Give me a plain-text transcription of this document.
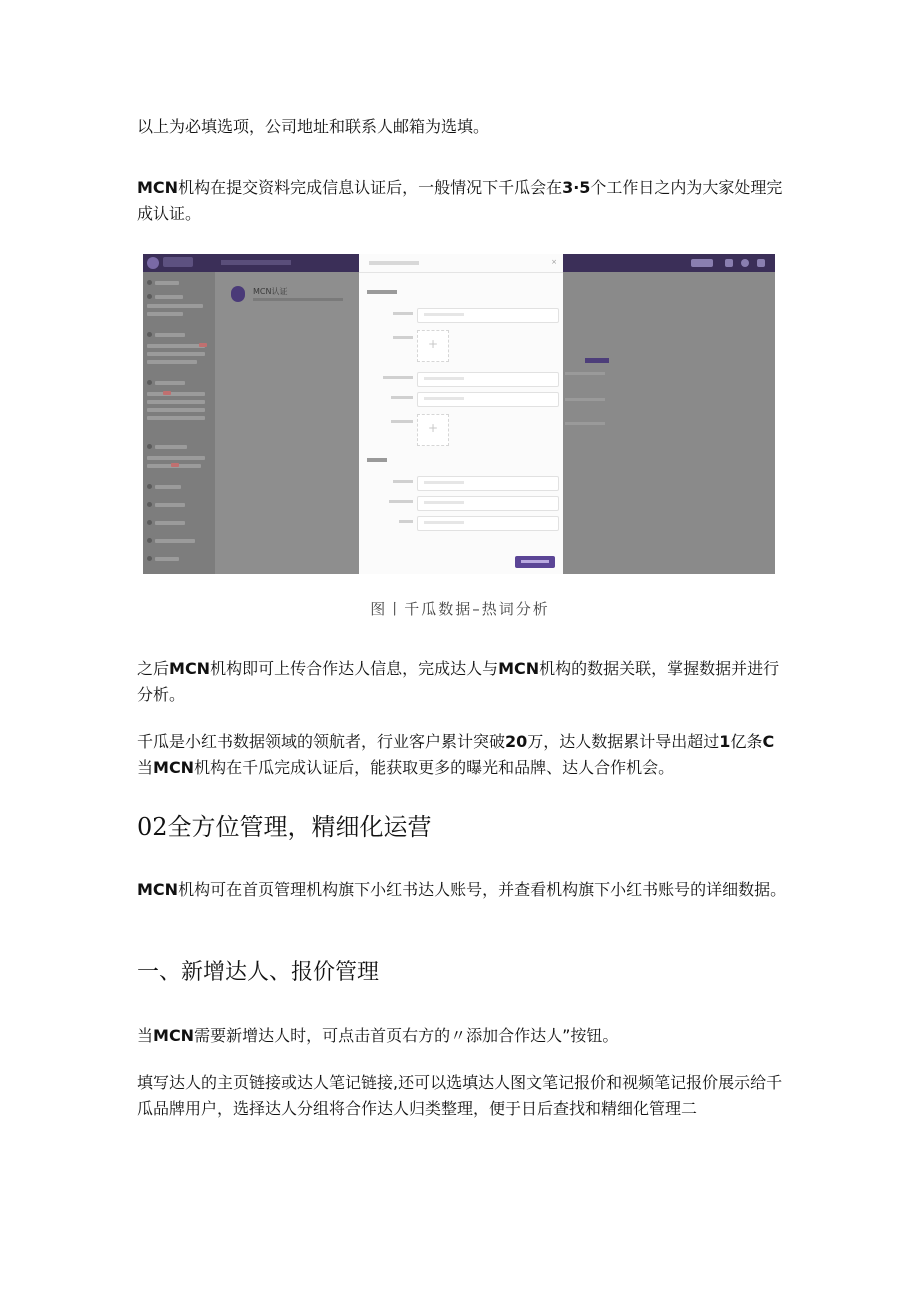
以上为必填选项，公司地址和联系人邮箱为选填。

MCN机构在提交资料完成信息认证后，一般情况下千瓜会在3·5个工作日之内为大家处理完成认证。

MCN认证
×
+
+
图丨千瓜数据–热词分析

之后MCN机构即可上传合作达人信息，完成达人与MCN机构的数据关联，掌握数据并进行分析。

千瓜是小红书数据领域的领航者，行业客户累计突破20万，达人数据累计导出超过1亿条C当MCN机构在千瓜完成认证后，能获取更多的曝光和品牌、达人合作机会。

02全方位管理，精细化运营

MCN机构可在首页管理机构旗下小红书达人账号，并查看机构旗下小红书账号的详细数据。

一、新增达人、报价管理

当MCN需要新增达人时，可点击首页右方的〃添加合作达人”按钮。

填写达人的主页链接或达人笔记链接,还可以选填达人图文笔记报价和视频笔记报价展示给千瓜品牌用户，选择达人分组将合作达人归类整理，便于日后查找和精细化管理二
